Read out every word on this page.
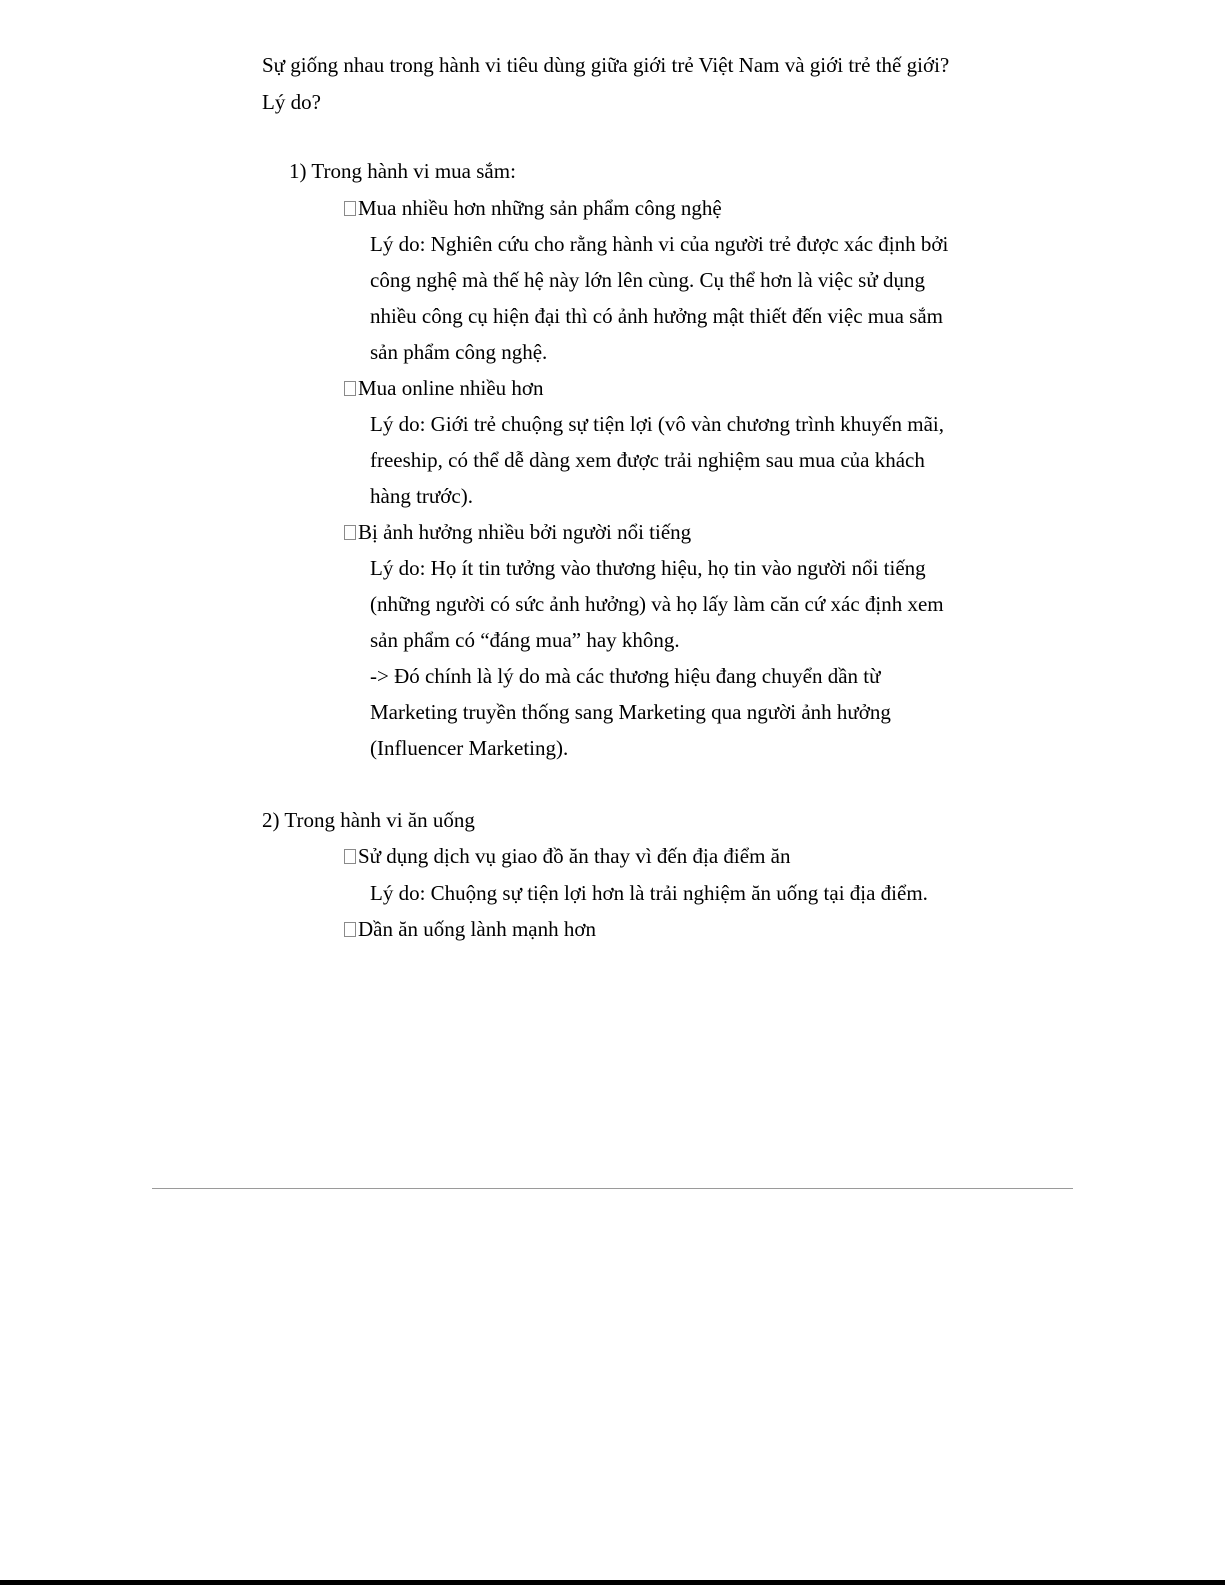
Sự giống nhau trong hành vi tiêu dùng giữa giới trẻ Việt Nam và giới trẻ thế giới?
Lý do?
1) Trong hành vi mua sắm:
Mua nhiều hơn những sản phẩm công nghệ
Lý do: Nghiên cứu cho rằng hành vi của người trẻ được xác định bởi
công nghệ mà thế hệ này lớn lên cùng. Cụ thể hơn là việc sử dụng
nhiều công cụ hiện đại thì có ảnh hưởng mật thiết đến việc mua sắm
sản phẩm công nghệ.
Mua online nhiều hơn
Lý do: Giới trẻ chuộng sự tiện lợi (vô vàn chương trình khuyến mãi,
freeship, có thể dễ dàng xem được trải nghiệm sau mua của khách
hàng trước).
Bị ảnh hưởng nhiều bởi người nổi tiếng
Lý do: Họ ít tin tưởng vào thương hiệu, họ tin vào người nổi tiếng
(những người có sức ảnh hưởng) và họ lấy làm căn cứ xác định xem
sản phẩm có “đáng mua” hay không.
-> Đó chính là lý do mà các thương hiệu đang chuyển dần từ
Marketing truyền thống sang Marketing qua người ảnh hưởng
(Influencer Marketing).
2) Trong hành vi ăn uống
Sử dụng dịch vụ giao đồ ăn thay vì đến địa điểm ăn
Lý do: Chuộng sự tiện lợi hơn là trải nghiệm ăn uống tại địa điểm.
Dần ăn uống lành mạnh hơn
